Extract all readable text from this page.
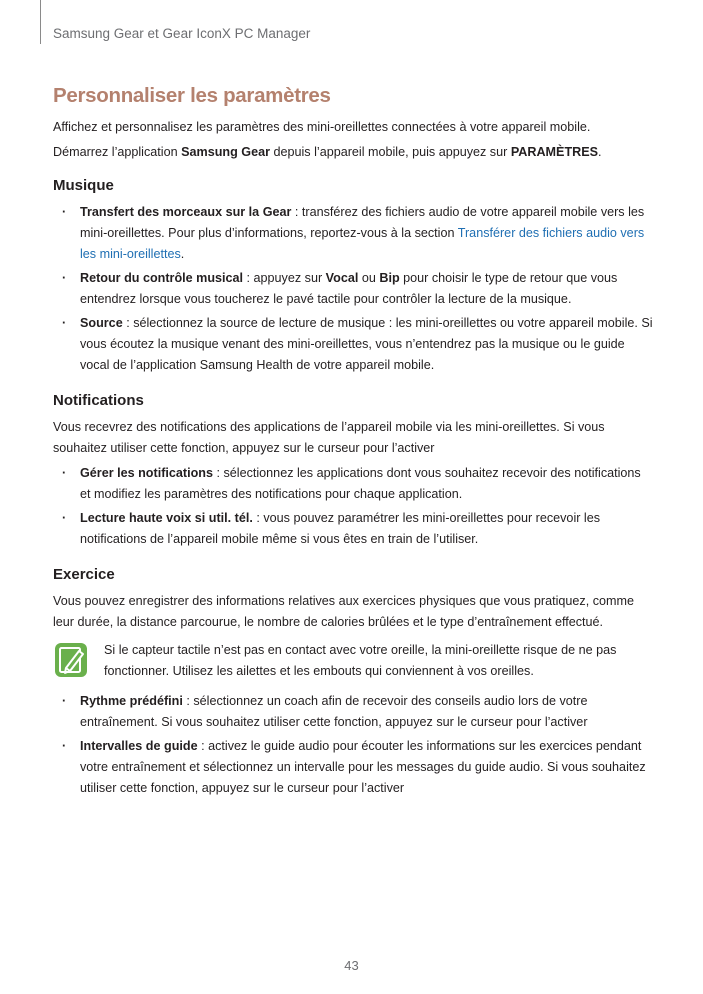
Samsung Gear et Gear IconX PC Manager
Personnaliser les paramètres

Affichez et personnalisez les paramètres des mini-oreillettes connectées à votre appareil mobile.

Démarrez l’application Samsung Gear depuis l’appareil mobile, puis appuyez sur PARAMÈTRES.

Musique
· Transfert des morceaux sur la Gear : transférez des fichiers audio de votre appareil mobile vers les mini-oreillettes. Pour plus d’informations, reportez-vous à la section Transférer des fichiers audio vers les mini-oreillettes.
· Retour du contrôle musical : appuyez sur Vocal ou Bip pour choisir le type de retour que vous entendrez lorsque vous toucherez le pavé tactile pour contrôler la lecture de la musique.
· Source : sélectionnez la source de lecture de musique : les mini-oreillettes ou votre appareil mobile. Si vous écoutez la musique venant des mini-oreillettes, vous n’entendrez pas la musique ou le guide vocal de l’application Samsung Health de votre appareil mobile.
Notifications

Vous recevrez des notifications des applications de l’appareil mobile via les mini-oreillettes. Si vous souhaitez utiliser cette fonction, appuyez sur le curseur pour l’activer

· Gérer les notifications : sélectionnez les applications dont vous souhaitez recevoir des notifications et modifiez les paramètres des notifications pour chaque application.
· Lecture haute voix si util. tél. : vous pouvez paramétrer les mini-oreillettes pour recevoir les notifications de l’appareil mobile même si vous êtes en train de l’utiliser.
Exercice

Vous pouvez enregistrer des informations relatives aux exercices physiques que vous pratiquez, comme leur durée, la distance parcourue, le nombre de calories brûlées et le type d’entraînement effectué.

Si le capteur tactile n’est pas en contact avec votre oreille, la mini-oreillette risque de ne pas fonctionner. Utilisez les ailettes et les embouts qui conviennent à vos oreilles.

· Rythme prédéfini : sélectionnez un coach afin de recevoir des conseils audio lors de votre entraînement. Si vous souhaitez utiliser cette fonction, appuyez sur le curseur pour l’activer
· Intervalles de guide : activez le guide audio pour écouter les informations sur les exercices pendant votre entraînement et sélectionnez un intervalle pour les messages du guide audio. Si vous souhaitez utiliser cette fonction, appuyez sur le curseur pour l’activer
43
